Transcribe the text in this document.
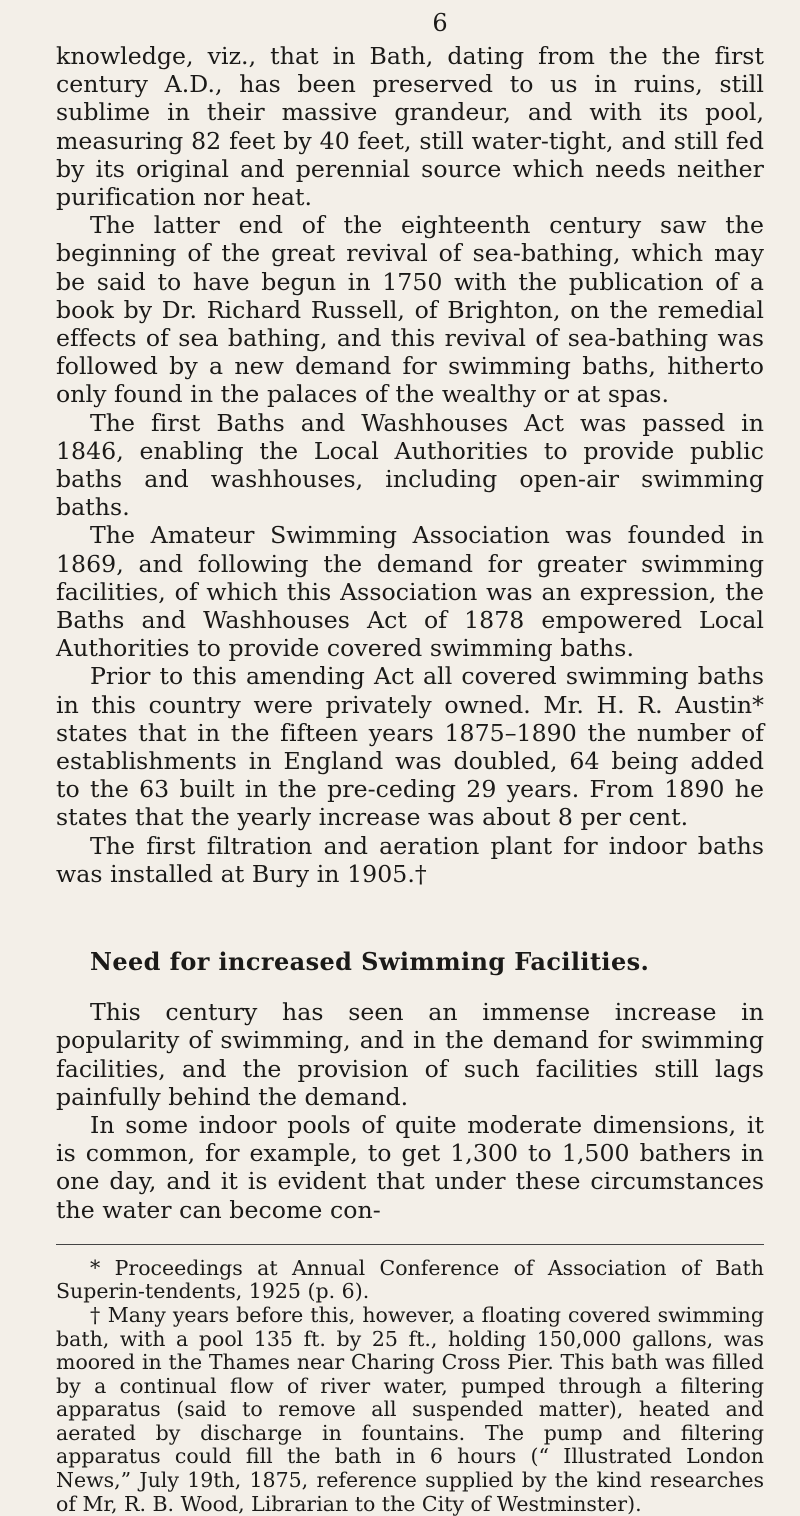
6

knowledge, viz., that in Bath, dating from the the first century A.D., has been preserved to us in ruins, still sublime in their massive grandeur, and with its pool, measuring 82 feet by 40 feet, still water-tight, and still fed by its original and perennial source which needs neither purification nor heat.

The latter end of the eighteenth century saw the beginning of the great revival of sea-bathing, which may be said to have begun in 1750 with the publication of a book by Dr. Richard Russell, of Brighton, on the remedial effects of sea bathing, and this revival of sea-bathing was followed by a new demand for swimming baths, hitherto only found in the palaces of the wealthy or at spas.

The first Baths and Washhouses Act was passed in 1846, enabling the Local Authorities to provide public baths and washhouses, including open-air swimming baths.

The Amateur Swimming Association was founded in 1869, and following the demand for greater swimming facilities, of which this Association was an expression, the Baths and Washhouses Act of 1878 empowered Local Authorities to provide covered swimming baths.

Prior to this amending Act all covered swimming baths in this country were privately owned. Mr. H. R. Austin* states that in the fifteen years 1875–1890 the number of establishments in England was doubled, 64 being added to the 63 built in the pre-ceding 29 years. From 1890 he states that the yearly increase was about 8 per cent.

The first filtration and aeration plant for indoor baths was installed at Bury in 1905.†

Need for increased Swimming Facilities.

This century has seen an immense increase in popularity of swimming, and in the demand for swimming facilities, and the provision of such facilities still lags painfully behind the demand.

In some indoor pools of quite moderate dimensions, it is common, for example, to get 1,300 to 1,500 bathers in one day, and it is evident that under these circumstances the water can become con-

* Proceedings at Annual Conference of Association of Bath Superin-tendents, 1925 (p. 6).

† Many years before this, however, a floating covered swimming bath, with a pool 135 ft. by 25 ft., holding 150,000 gallons, was moored in the Thames near Charing Cross Pier. This bath was filled by a continual flow of river water, pumped through a filtering apparatus (said to remove all suspended matter), heated and aerated by discharge in fountains. The pump and filtering apparatus could fill the bath in 6 hours (“ Illustrated London News,” July 19th, 1875, reference supplied by the kind researches of Mr, R. B. Wood, Librarian to the City of Westminster).
